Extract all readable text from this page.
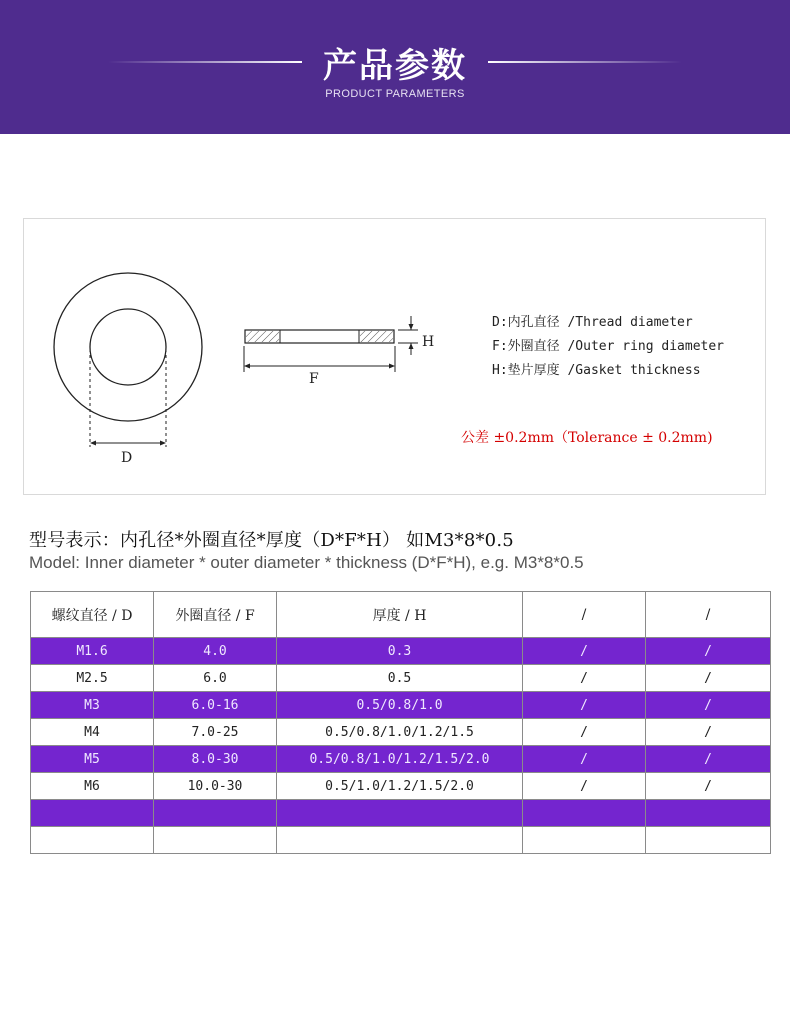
产品参数
PRODUCT PARAMETERS
D
F
H
D:内孔直径 /Thread diameter
F:外圈直径 /Outer ring diameter
H:垫片厚度 /Gasket thickness
公差 ±0.2mm（Tolerance ± 0.2mm)
型号表示：内孔径*外圈直径*厚度（D*F*H） 如M3*8*0.5
Model: Inner diameter * outer diameter * thickness (D*F*H), e.g. M3*8*0.5
螺纹直径 / D	外圈直径 / F	厚度 / H	/	/
M1.6	4.0	0.3	/	/
M2.5	6.0	0.5	/	/
M3	6.0-16	0.5/0.8/1.0	/	/
M4	7.0-25	0.5/0.8/1.0/1.2/1.5	/	/
M5	8.0-30	0.5/0.8/1.0/1.2/1.5/2.0	/	/
M6	10.0-30	0.5/1.0/1.2/1.5/2.0	/	/
